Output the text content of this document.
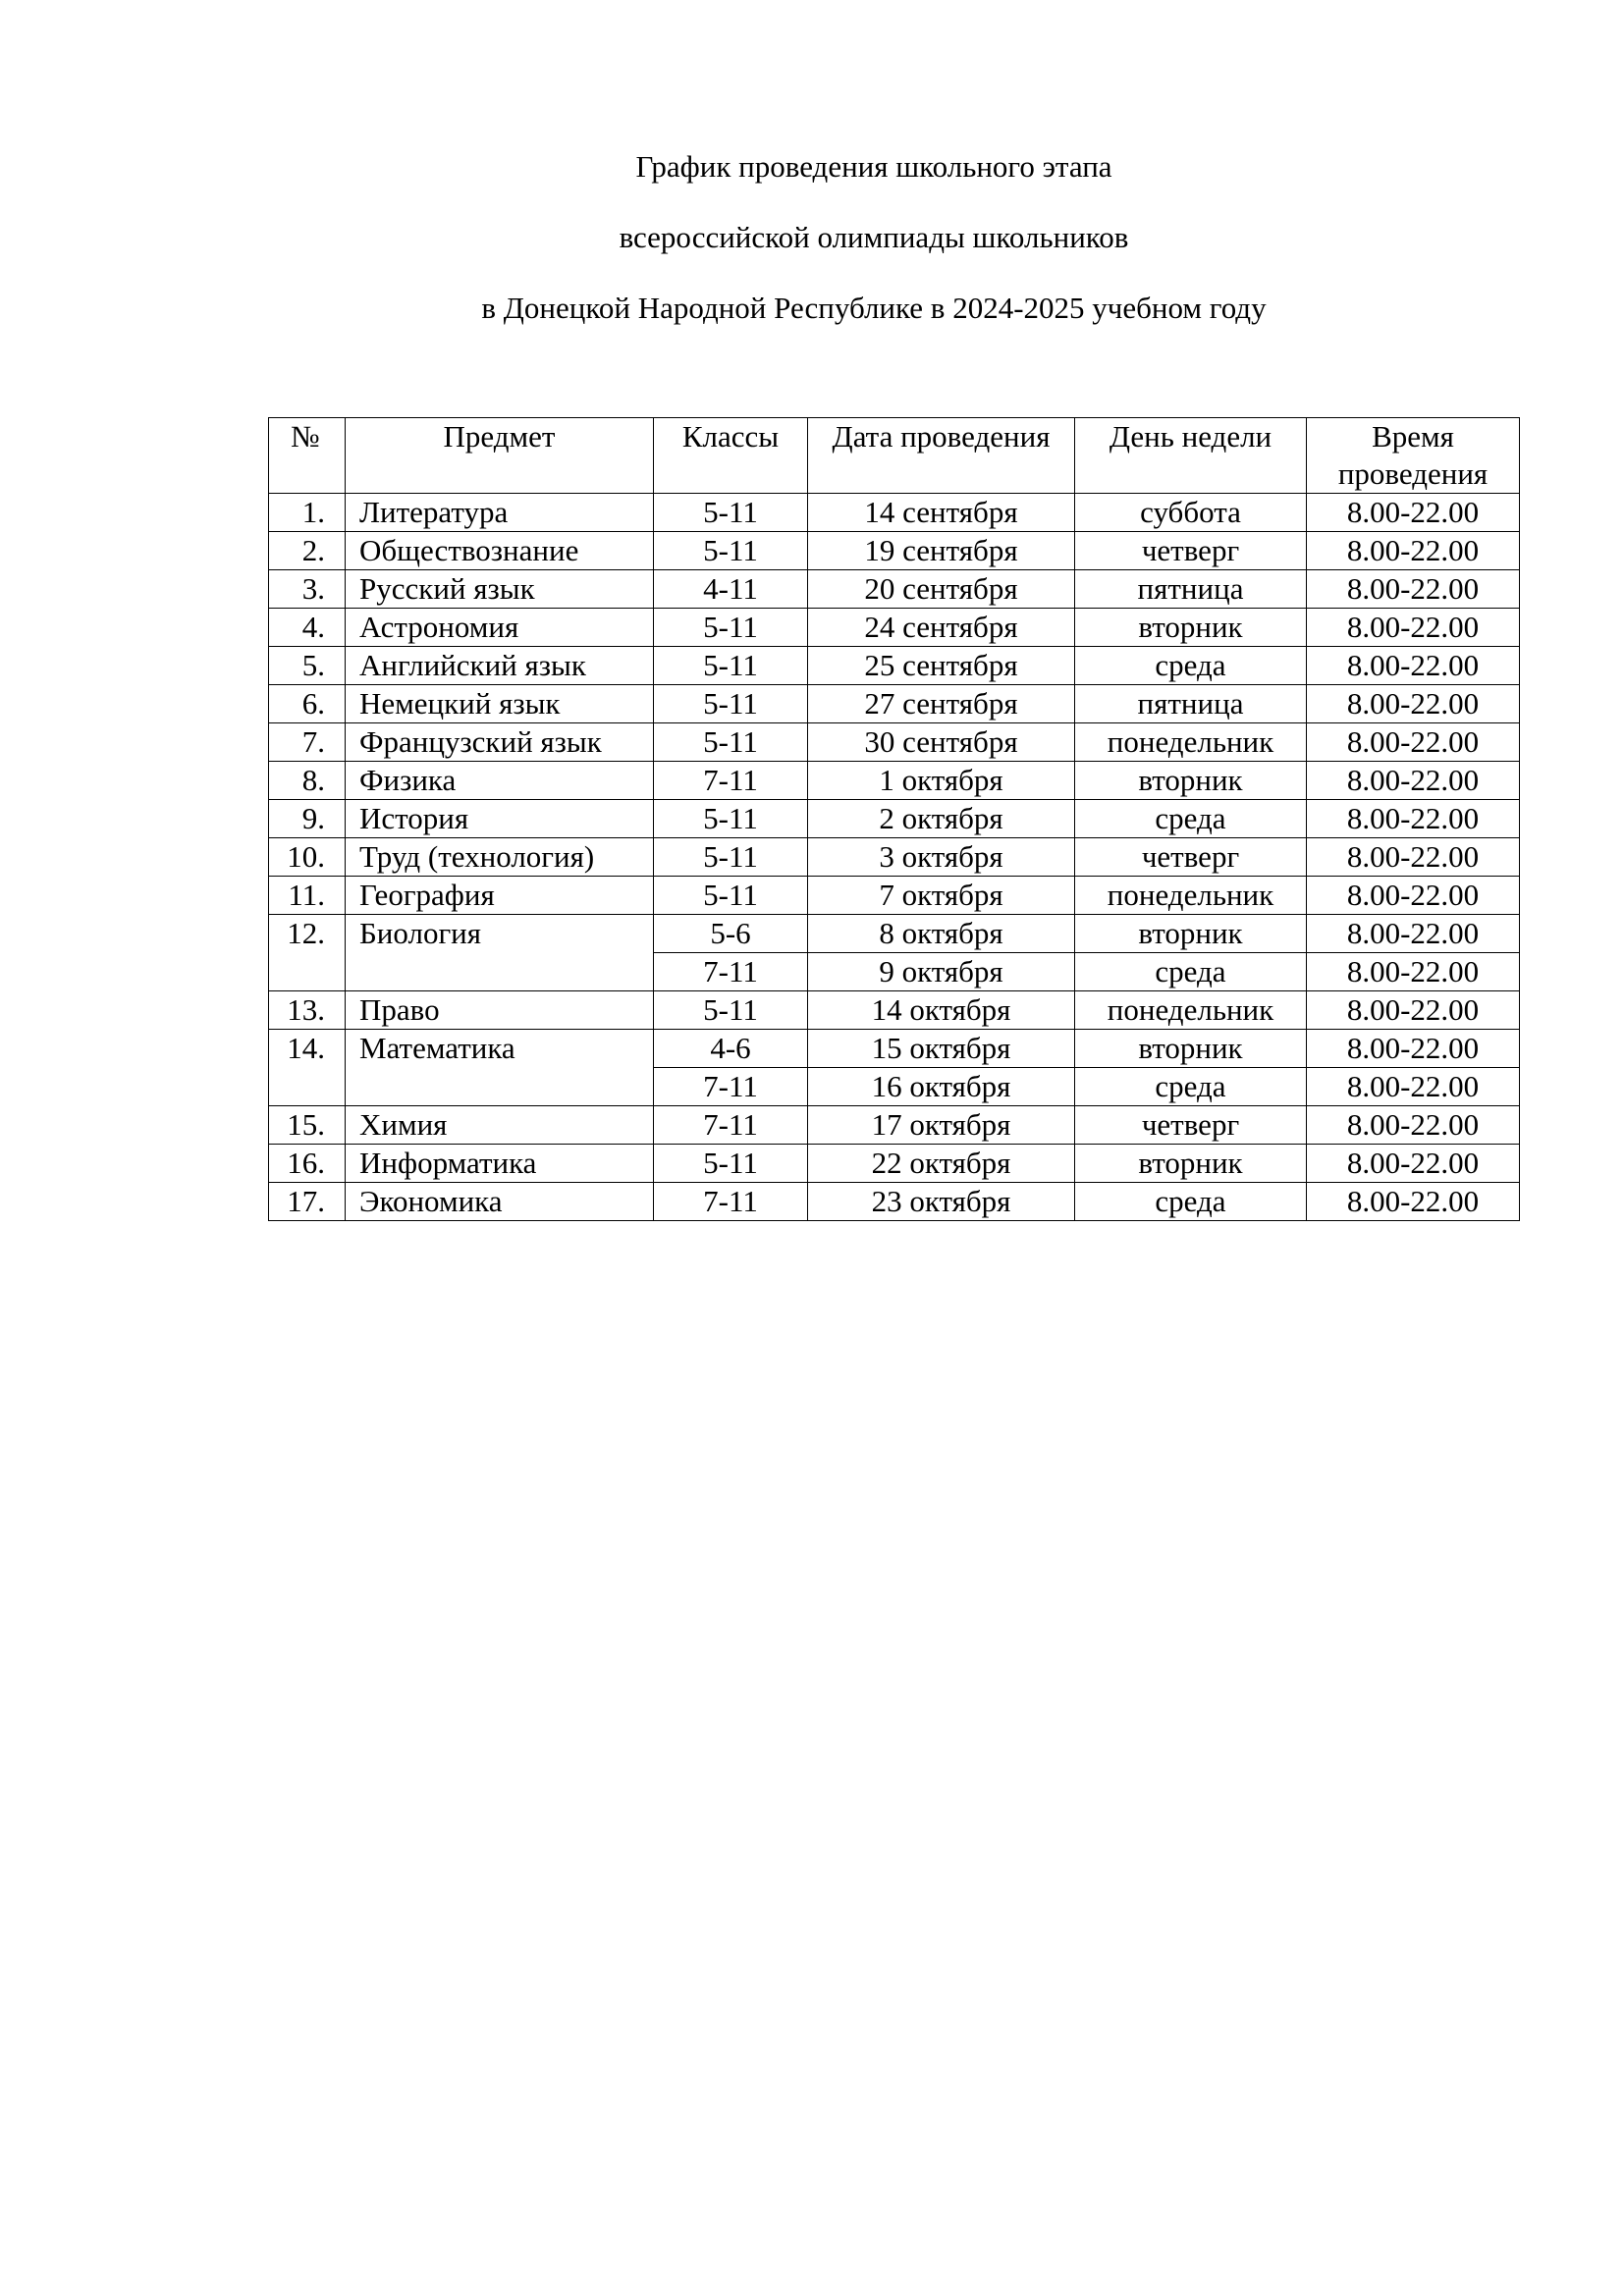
График проведения школьного этапа
всероссийской олимпиады школьников
в Донецкой Народной Республике в 2024-2025 учебном году
№	Предмет	Классы	Дата проведения	День недели	Время проведения
1.	Литература	5-11	14 сентября	суббота	8.00-22.00
2.	Обществознание	5-11	19 сентября	четверг	8.00-22.00
3.	Русский язык	4-11	20 сентября	пятница	8.00-22.00
4.	Астрономия	5-11	24 сентября	вторник	8.00-22.00
5.	Английский язык	5-11	25 сентября	среда	8.00-22.00
6.	Немецкий язык	5-11	27 сентября	пятница	8.00-22.00
7.	Французский язык	5-11	30 сентября	понедельник	8.00-22.00
8.	Физика	7-11	1 октября	вторник	8.00-22.00
9.	История	5-11	2 октября	среда	8.00-22.00
10.	Труд (технология)	5-11	3 октября	четверг	8.00-22.00
11.	География	5-11	7 октября	понедельник	8.00-22.00
12.	Биология	5-6	8 октября	вторник	8.00-22.00
		7-11	9 октября	среда	8.00-22.00
13.	Право	5-11	14 октября	понедельник	8.00-22.00
14.	Математика	4-6	15 октября	вторник	8.00-22.00
		7-11	16 октября	среда	8.00-22.00
15.	Химия	7-11	17 октября	четверг	8.00-22.00
16.	Информатика	5-11	22 октября	вторник	8.00-22.00
17.	Экономика	7-11	23 октября	среда	8.00-22.00
